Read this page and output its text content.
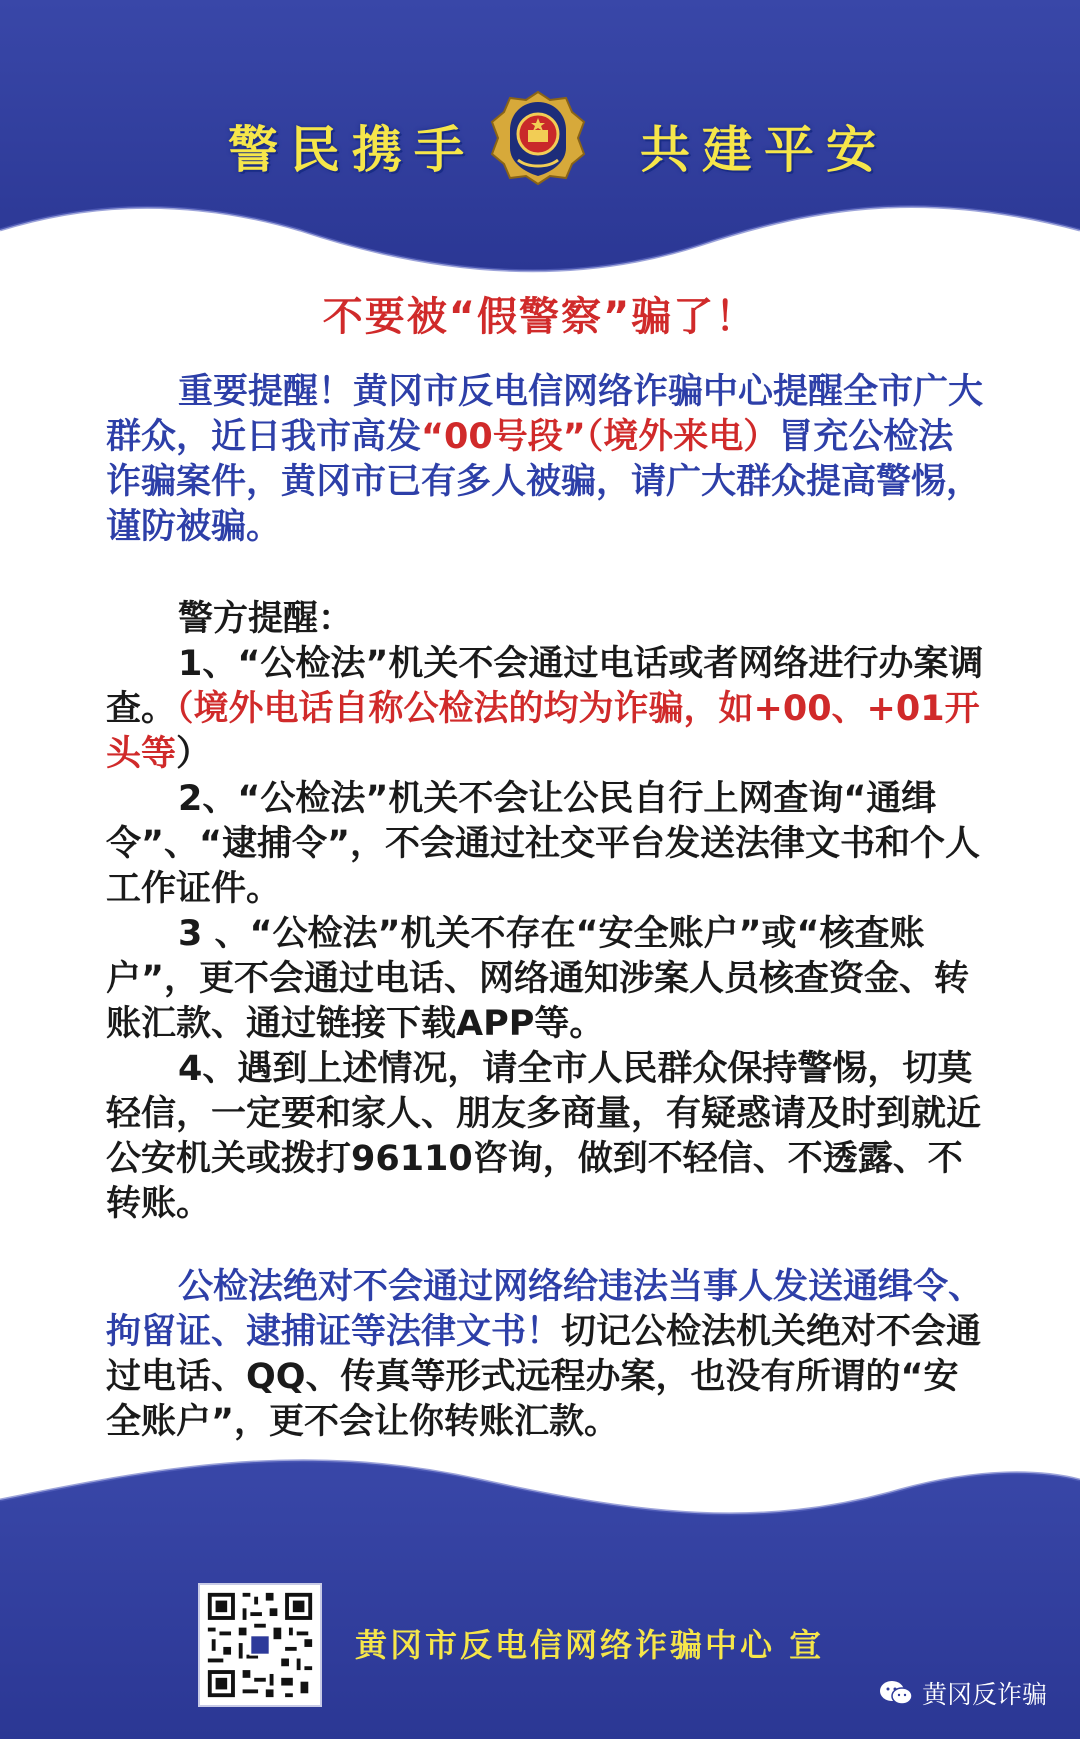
警民携手	共建平安
不要被“假警察”骗了！
重要提醒！黄冈市反电信网络诈骗中心提醒全市广大群众，近日我市高发“00号段”（境外来电）冒充公检法诈骗案件，黄冈市已有多人被骗，请广大群众提高警惕，谨防被骗。
警方提醒：
1、“公检法”机关不会通过电话或者网络进行办案调查。（境外电话自称公检法的均为诈骗，如+00、+01开头等）
2、“公检法”机关不会让公民自行上网查询“通缉令”、“逮捕令”，不会通过社交平台发送法律文书和个人工作证件。
3 、“公检法”机关不存在“安全账户”或“核查账户”，更不会通过电话、网络通知涉案人员核查资金、转账汇款、通过链接下载APP等。
4、遇到上述情况，请全市人民群众保持警惕，切莫轻信，一定要和家人、朋友多商量，有疑惑请及时到就近公安机关或拨打96110咨询，做到不轻信、不透露、不转账。
公检法绝对不会通过网络给违法当事人发送通缉令、拘留证、逮捕证等法律文书！切记公检法机关绝对不会通过电话、QQ、传真等形式远程办案，也没有所谓的“安全账户”，更不会让你转账汇款。
黄冈市反电信网络诈骗中心 宣
黄冈反诈骗
